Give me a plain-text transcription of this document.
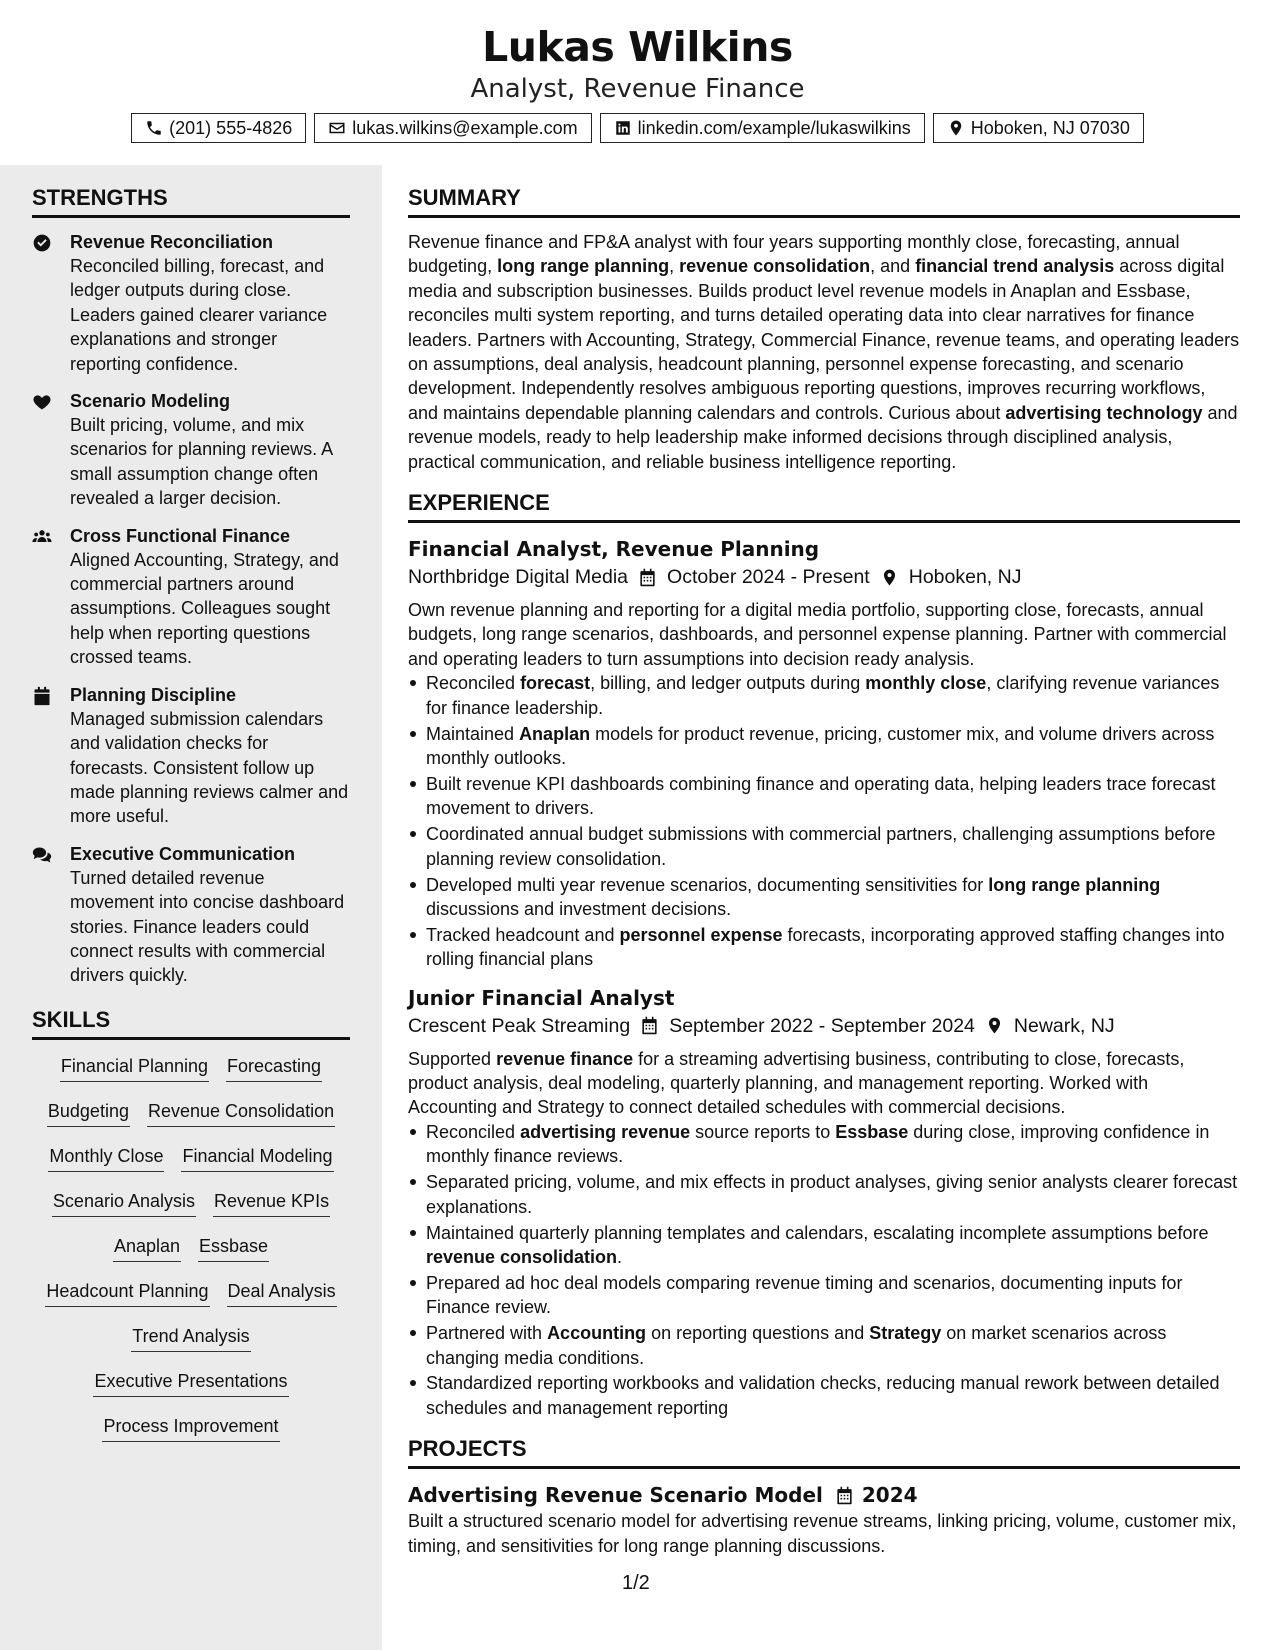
Lukas Wilkins
Analyst, Revenue Finance
(201) 555-4826	lukas.wilkins@example.com	linkedin.com/example/lukaswilkins	Hoboken, NJ 07030
STRENGTHS
Revenue Reconciliation
Reconciled billing, forecast, and ledger outputs during close. Leaders gained clearer variance explanations and stronger reporting confidence.
Scenario Modeling
Built pricing, volume, and mix scenarios for planning reviews. A small assumption change often revealed a larger decision.
Cross Functional Finance
Aligned Accounting, Strategy, and commercial partners around assumptions. Colleagues sought help when reporting questions crossed teams.
Planning Discipline
Managed submission calendars and validation checks for forecasts. Consistent follow up made planning reviews calmer and more useful.
Executive Communication
Turned detailed revenue movement into concise dashboard stories. Finance leaders could connect results with commercial drivers quickly.
SKILLS
Financial Planning Forecasting
Budgeting Revenue Consolidation
Monthly Close Financial Modeling
Scenario Analysis Revenue KPIs
Anaplan Essbase
Headcount Planning Deal Analysis
Trend Analysis
Executive Presentations
Process Improvement
SUMMARY
Revenue finance and FP&A analyst with four years supporting monthly close, forecasting, annual budgeting, long range planning, revenue consolidation, and financial trend analysis across digital media and subscription businesses. Builds product level revenue models in Anaplan and Essbase, reconciles multi system reporting, and turns detailed operating data into clear narratives for finance leaders. Partners with Accounting, Strategy, Commercial Finance, revenue teams, and operating leaders on assumptions, deal analysis, headcount planning, personnel expense forecasting, and scenario development. Independently resolves ambiguous reporting questions, improves recurring workflows, and maintains dependable planning calendars and controls. Curious about advertising technology and revenue models, ready to help leadership make informed decisions through disciplined analysis, practical communication, and reliable business intelligence reporting.
EXPERIENCE
Financial Analyst, Revenue Planning
Northbridge Digital Media October 2024 - Present Hoboken, NJ
Own revenue planning and reporting for a digital media portfolio, supporting close, forecasts, annual budgets, long range scenarios, dashboards, and personnel expense planning. Partner with commercial and operating leaders to turn assumptions into decision ready analysis.
Reconciled forecast, billing, and ledger outputs during monthly close, clarifying revenue variances for finance leadership.
Maintained Anaplan models for product revenue, pricing, customer mix, and volume drivers across monthly outlooks.
Built revenue KPI dashboards combining finance and operating data, helping leaders trace forecast movement to drivers.
Coordinated annual budget submissions with commercial partners, challenging assumptions before planning review consolidation.
Developed multi year revenue scenarios, documenting sensitivities for long range planning discussions and investment decisions.
Tracked headcount and personnel expense forecasts, incorporating approved staffing changes into rolling financial plans
Junior Financial Analyst
Crescent Peak Streaming September 2022 - September 2024 Newark, NJ
Supported revenue finance for a streaming advertising business, contributing to close, forecasts, product analysis, deal modeling, quarterly planning, and management reporting. Worked with Accounting and Strategy to connect detailed schedules with commercial decisions.
Reconciled advertising revenue source reports to Essbase during close, improving confidence in monthly finance reviews.
Separated pricing, volume, and mix effects in product analyses, giving senior analysts clearer forecast explanations.
Maintained quarterly planning templates and calendars, escalating incomplete assumptions before revenue consolidation.
Prepared ad hoc deal models comparing revenue timing and scenarios, documenting inputs for Finance review.
Partnered with Accounting on reporting questions and Strategy on market scenarios across changing media conditions.
Standardized reporting workbooks and validation checks, reducing manual rework between detailed schedules and management reporting
PROJECTS
Advertising Revenue Scenario Model 2024
Built a structured scenario model for advertising revenue streams, linking pricing, volume, customer mix, timing, and sensitivities for long range planning discussions.
1/2
